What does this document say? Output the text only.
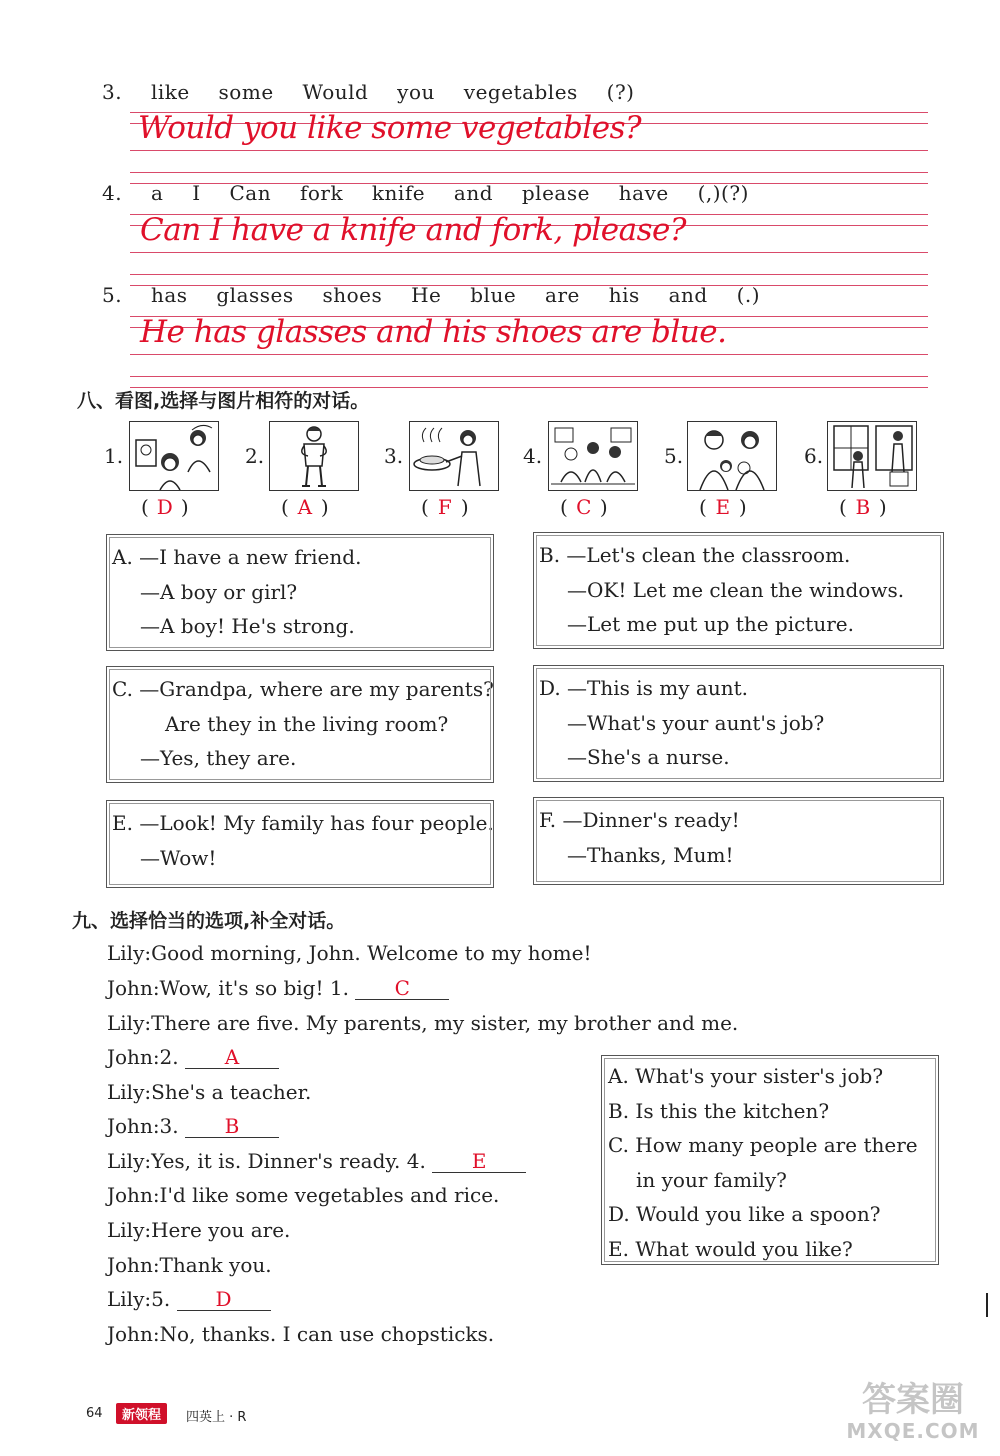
3. like some Would you vegetables (?)
Would you like some vegetables?
4. a I Can fork knife and please have (,)(?)
Can I have a knife and fork, please?
5. has glasses shoes He blue are his and (.)
He has glasses and his shoes are blue.
八、看图,选择与图片相符的对话。
1.	2.	3.	4.	5.	6.
( D )	( A )	( F )	( C )	( E )	( B )
A. —I have a new friend.
—A boy or girl?
—A boy! He's strong.
B. —Let's clean the classroom.
—OK! Let me clean the windows.
—Let me put up the picture.
C. —Grandpa, where are my parents?
Are they in the living room?
—Yes, they are.
D. —This is my aunt.
—What's your aunt's job?
—She's a nurse.
E. —Look! My family has four people.
—Wow!
F. —Dinner's ready!
—Thanks, Mum!
九、选择恰当的选项,补全对话。
Lily:Good morning, John. Welcome to my home!
John:Wow, it's so big! 1. C
Lily:There are five. My parents, my sister, my brother and me.
John:2. A
Lily:She's a teacher.
John:3. B
Lily:Yes, it is. Dinner's ready. 4. E
John:I'd like some vegetables and rice.
Lily:Here you are.
John:Thank you.
Lily:5. D
John:No, thanks. I can use chopsticks.
A. What's your sister's job?
B. Is this the kitchen?
C. How many people are there
in your family?
D. Would you like a spoon?
E. What would you like?
64	新领程	四英上 · R	答案圈
MXQE.COM
